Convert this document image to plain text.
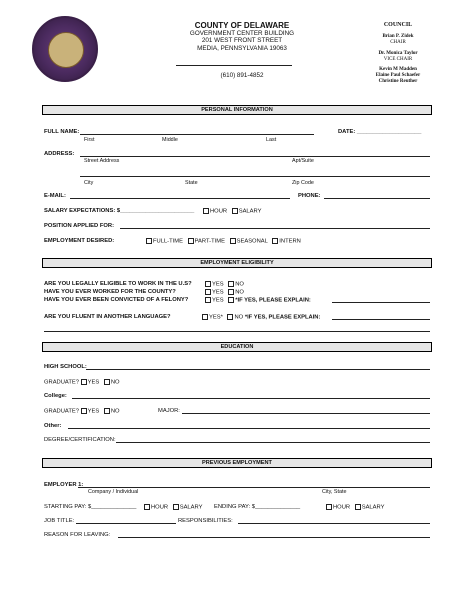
COUNTY OF DELAWARE
GOVERNMENT CENTER BUILDING
201 WEST FRONT STREET
MEDIA, PENNSYLVANIA 19063
(610) 891-4852
COUNCIL
Brian P. Zidek
CHAIR
Dr. Monica Taylor
VICE CHAIR
Kevin M Madden
Elaine Paul Schaefer
Christine Reuther
PERSONAL INFORMATION
FULL NAME:
First	Middle	Last
DATE: ____________________
ADDRESS:
Street Address	Apt/Suite
City	State	Zip Code
E-MAIL:	PHONE:
SALARY EXPECTATIONS: $_______________________	HOUR SALARY
POSITION APPLIED FOR:
EMPLOYMENT DESIRED:	FULL-TIME PART-TIME SEASONAL INTERN
EMPLOYMENT ELIGIBILITY
ARE YOU LEGALLY ELIGIBLE TO WORK IN THE U.S?	YES NO
HAVE YOU EVER WORKED FOR THE COUNTY?	YES NO
HAVE YOU EVER BEEN CONVICTED OF A FELONY?	YES *IF YES, PLEASE EXPLAIN:
ARE YOU FLUENT IN ANOTHER LANGUAGE?	YES* NO *IF YES, PLEASE EXPLAIN:
EDUCATION
HIGH SCHOOL:
GRADUATE? YES NO
College:
GRADUATE? YES NO	MAJOR:
Other:
DEGREE/CERTIFICATION:
PREVIOUS EMPLOYMENT
EMPLOYER 1:
Company / Individual	City, State
STARTING PAY: $______________	HOUR SALARY ENDING PAY: $______________	HOUR SALARY
JOB TITLE:	RESPONSIBILITIES:
REASON FOR LEAVING:
